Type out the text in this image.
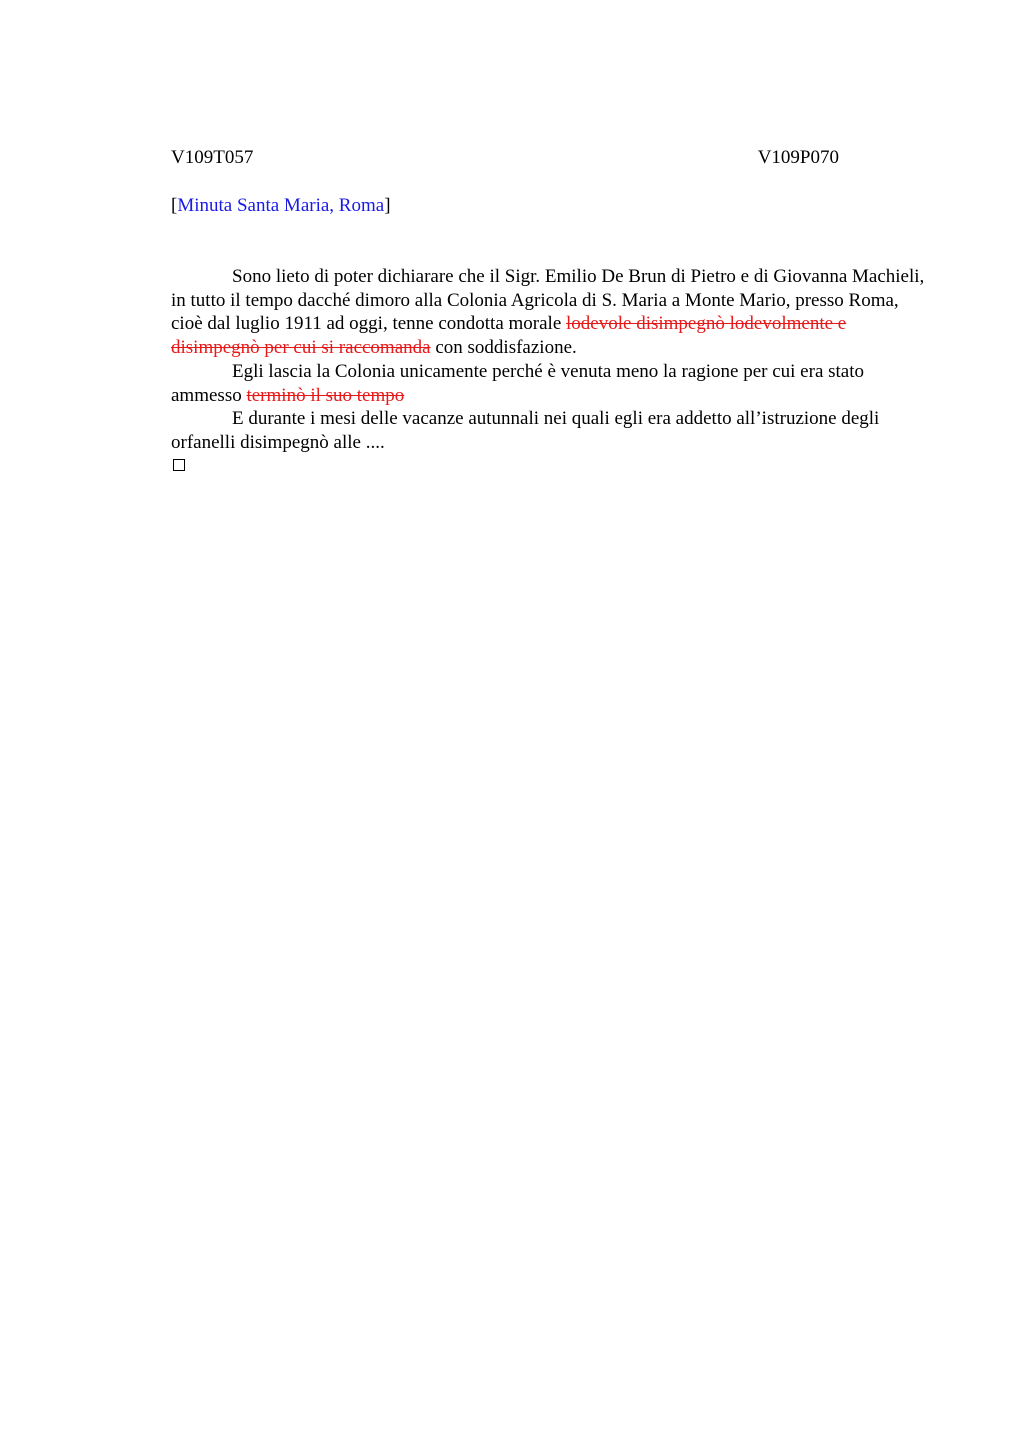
V109T057	V109P070
[Minuta Santa Maria, Roma]

Sono lieto di poter dichiarare che il Sigr. Emilio De Brun di Pietro e di Giovanna Machieli, in tutto il tempo dacché dimoro alla Colonia Agricola di S. Maria a Monte Mario, presso Roma, cioè dal luglio 1911 ad oggi, tenne condotta morale lodevole disimpegnò lodevolmente e disimpegnò per cui si raccomanda con soddisfazione.

Egli lascia la Colonia unicamente perché è venuta meno la ragione per cui era stato ammesso terminò il suo tempo

E durante i mesi delle vacanze autunnali nei quali egli era addetto all’istruzione degli orfanelli disimpegnò alle ....
